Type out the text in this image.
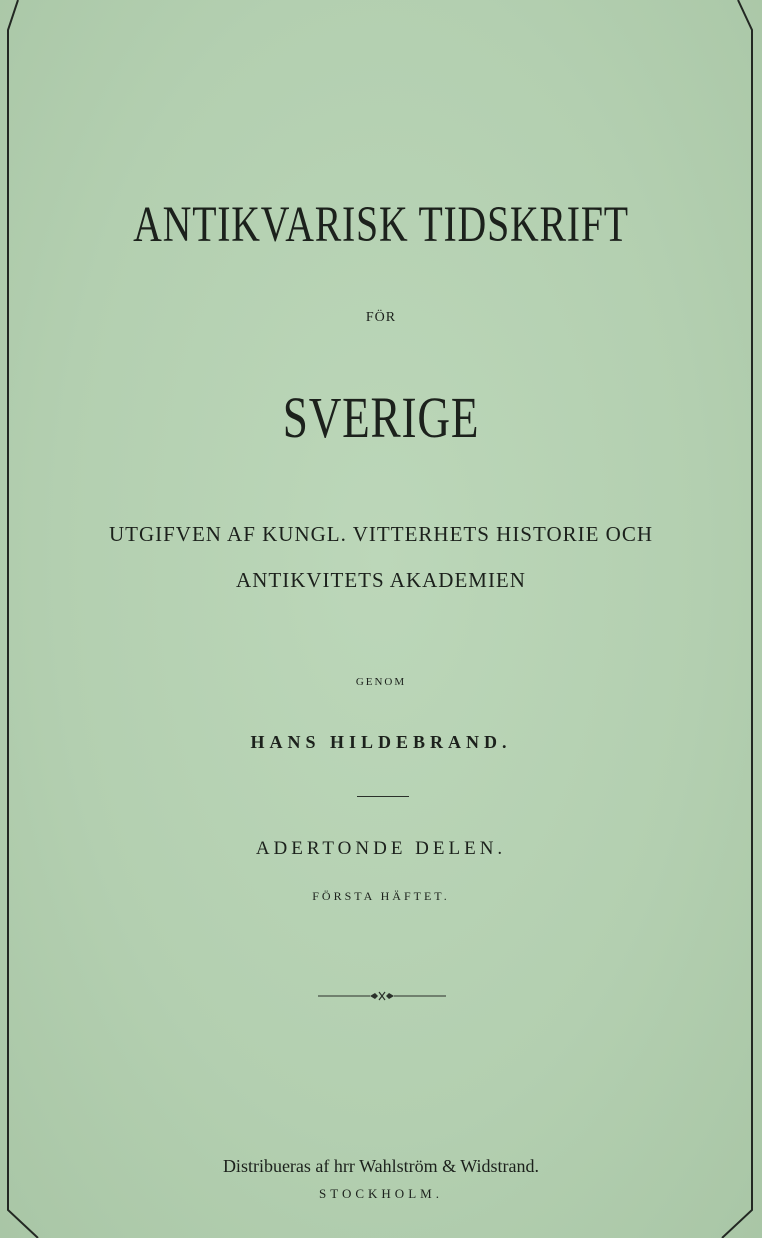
ANTIKVARISK TIDSKRIFT
FÖR
SVERIGE
UTGIFVEN AF KUNGL. VITTERHETS HISTORIE OCH
ANTIKVITETS AKADEMIEN
GENOM
HANS HILDEBRAND.
ADERTONDE DELEN.
FÖRSTA HÄFTET.
Distribueras af hrr Wahlström & Widstrand.
STOCKHOLM.
